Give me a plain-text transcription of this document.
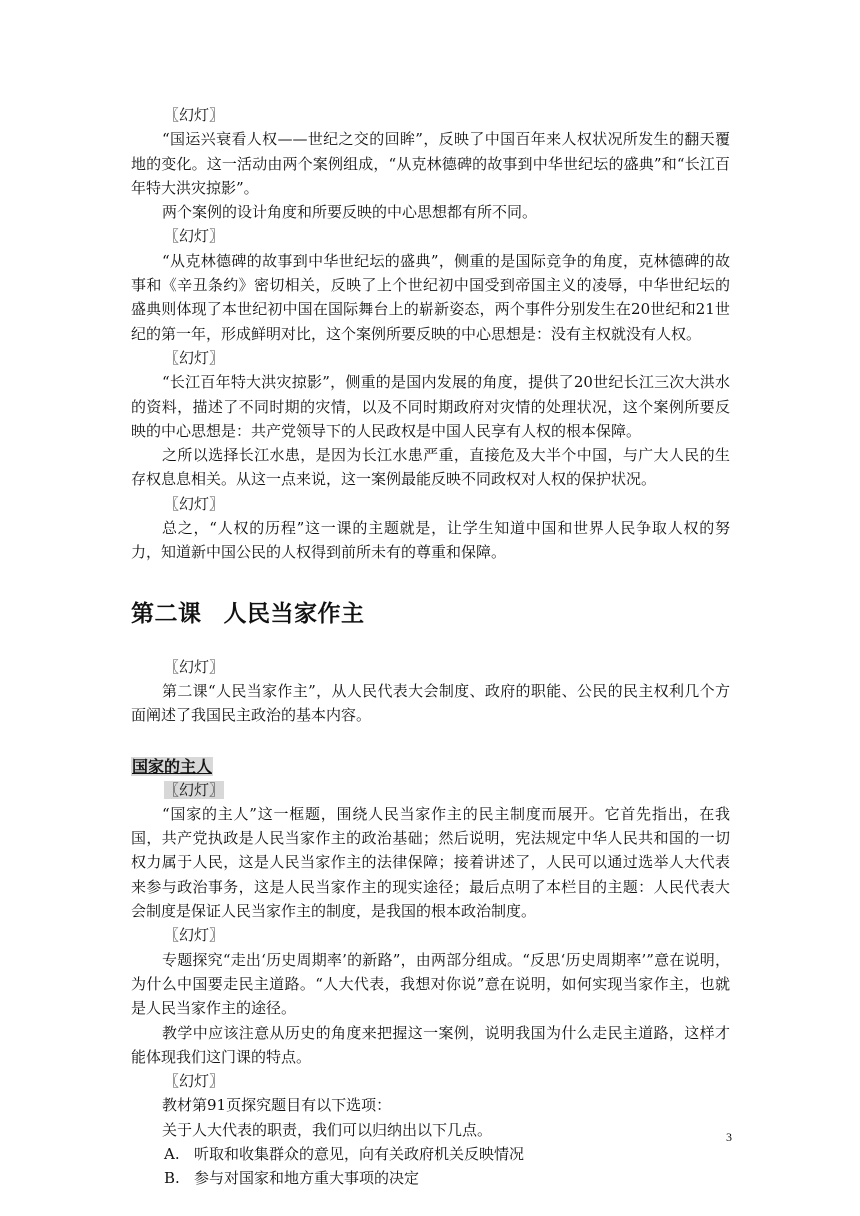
〖幻灯〗

“国运兴衰看人权——世纪之交的回眸”，反映了中国百年来人权状况所发生的翻天覆地的变化。这一活动由两个案例组成，“从克林德碑的故事到中华世纪坛的盛典”和“长江百年特大洪灾掠影”。

两个案例的设计角度和所要反映的中心思想都有所不同。

〖幻灯〗

“从克林德碑的故事到中华世纪坛的盛典”，侧重的是国际竞争的角度，克林德碑的故事和《辛丑条约》密切相关，反映了上个世纪初中国受到帝国主义的凌辱，中华世纪坛的盛典则体现了本世纪初中国在国际舞台上的崭新姿态，两个事件分别发生在20世纪和21世纪的第一年，形成鲜明对比，这个案例所要反映的中心思想是：没有主权就没有人权。

〖幻灯〗

“长江百年特大洪灾掠影”，侧重的是国内发展的角度，提供了20世纪长江三次大洪水的资料，描述了不同时期的灾情，以及不同时期政府对灾情的处理状况，这个案例所要反映的中心思想是：共产党领导下的人民政权是中国人民享有人权的根本保障。

之所以选择长江水患，是因为长江水患严重，直接危及大半个中国，与广大人民的生存权息息相关。从这一点来说，这一案例最能反映不同政权对人权的保护状况。

〖幻灯〗

总之，“人权的历程”这一课的主题就是，让学生知道中国和世界人民争取人权的努力，知道新中国公民的人权得到前所未有的尊重和保障。

第二课 人民当家作主
〖幻灯〗

第二课“人民当家作主”，从人民代表大会制度、政府的职能、公民的民主权利几个方面阐述了我国民主政治的基本内容。

国家的主人
〖幻灯〗

“国家的主人”这一框题，围绕人民当家作主的民主制度而展开。它首先指出，在我国，共产党执政是人民当家作主的政治基础；然后说明，宪法规定中华人民共和国的一切权力属于人民，这是人民当家作主的法律保障；接着讲述了，人民可以通过选举人大代表来参与政治事务，这是人民当家作主的现实途径；最后点明了本栏目的主题：人民代表大会制度是保证人民当家作主的制度，是我国的根本政治制度。

〖幻灯〗

专题探究“走出‘历史周期率’的新路”，由两部分组成。“反思‘历史周期率’”意在说明，为什么中国要走民主道路。“人大代表，我想对你说”意在说明，如何实现当家作主，也就是人民当家作主的途径。

教学中应该注意从历史的角度来把握这一案例，说明我国为什么走民主道路，这样才能体现我们这门课的特点。

〖幻灯〗

教材第91页探究题目有以下选项：

关于人大代表的职责，我们可以归纳出以下几点。

A. 听取和收集群众的意见，向有关政府机关反映情况
B. 参与对国家和地方重大事项的决定
3
